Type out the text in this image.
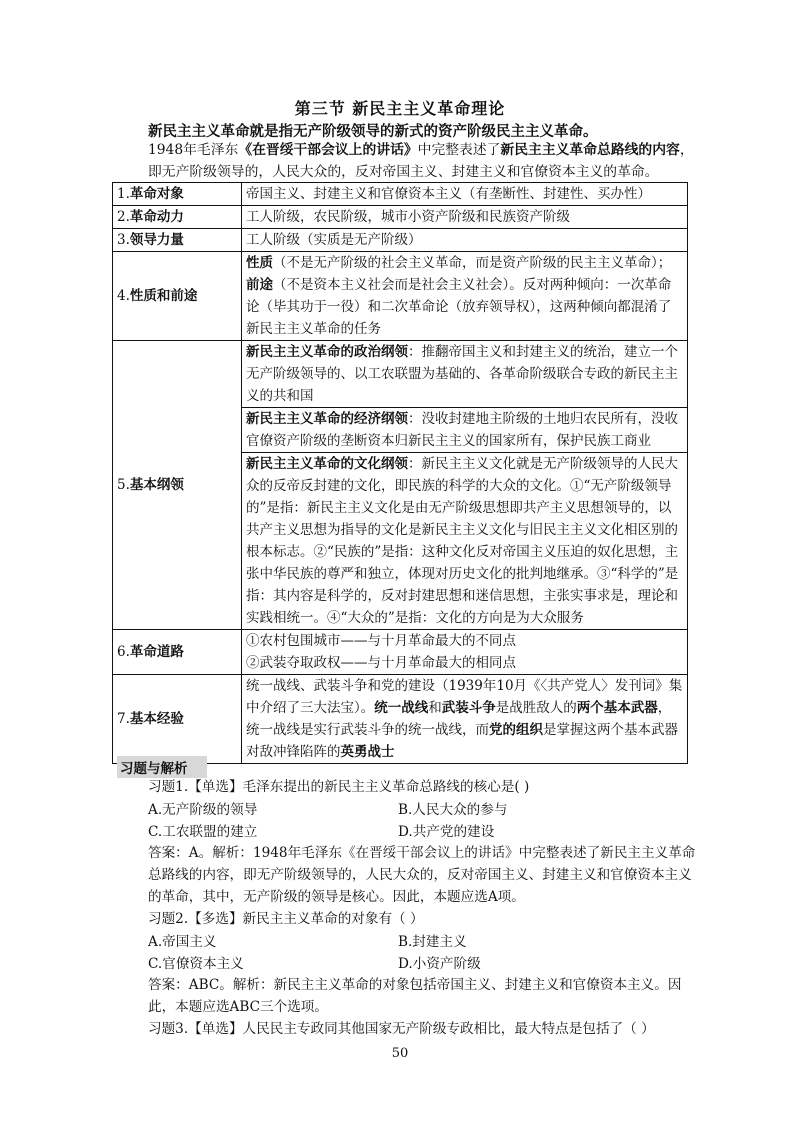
第三节 新民主主义革命理论
新民主主义革命就是指无产阶级领导的新式的资产阶级民主主义革命。
1948年毛泽东《在晋绥干部会议上的讲话》中完整表述了新民主主义革命总路线的内容，即无产阶级领导的，人民大众的，反对帝国主义、封建主义和官僚资本主义的革命。
1.革命对象	帝国主义、封建主义和官僚资本主义（有垄断性、封建性、买办性）
2.革命动力	工人阶级，农民阶级，城市小资产阶级和民族资产阶级
3.领导力量	工人阶级（实质是无产阶级）
4.性质和前途	性质（不是无产阶级的社会主义革命，而是资产阶级的民主主义革命）；
前途（不是资本主义社会而是社会主义社会）。反对两种倾向：一次革命论（毕其功于一役）和二次革命论（放弃领导权），这两种倾向都混淆了新民主主义革命的任务
5.基本纲领	新民主主义革命的政治纲领：推翻帝国主义和封建主义的统治，建立一个无产阶级领导的、以工农联盟为基础的、各革命阶级联合专政的新民主主义的共和国
	新民主主义革命的经济纲领：没收封建地主阶级的土地归农民所有，没收官僚资产阶级的垄断资本归新民主主义的国家所有，保护民族工商业
	新民主主义革命的文化纲领：新民主主义文化就是无产阶级领导的人民大众的反帝反封建的文化，即民族的科学的大众的文化。①“无产阶级领导的”是指：新民主主义文化是由无产阶级思想即共产主义思想领导的，以共产主义思想为指导的文化是新民主主义文化与旧民主主义文化相区别的根本标志。②“民族的”是指：这种文化反对帝国主义压迫的奴化思想，主张中华民族的尊严和独立，体现对历史文化的批判地继承。③“科学的”是指：其内容是科学的，反对封建思想和迷信思想，主张实事求是，理论和实践相统一。④“大众的”是指：文化的方向是为大众服务
6.革命道路	①农村包围城市——与十月革命最大的不同点
②武装夺取政权——与十月革命最大的相同点
7.基本经验	统一战线、武装斗争和党的建设（1939年10月《〈共产党人〉发刊词》集中介绍了三大法宝）。统一战线和武装斗争是战胜敌人的两个基本武器，统一战线是实行武装斗争的统一战线，而党的组织是掌握这两个基本武器对敌冲锋陷阵的英勇战士
习题与解析
习题1.【单选】毛泽东提出的新民主主义革命总路线的核心是( )
A.无产阶级的领导	B.人民大众的参与
C.工农联盟的建立	D.共产党的建设
答案：A。解析：1948年毛泽东《在晋绥干部会议上的讲话》中完整表述了新民主主义革命总路线的内容，即无产阶级领导的，人民大众的，反对帝国主义、封建主义和官僚资本主义的革命，其中，无产阶级的领导是核心。因此，本题应选A项。
习题2.【多选】新民主主义革命的对象有（ ）
A.帝国主义	B.封建主义
C.官僚资本主义	D.小资产阶级
答案：ABC。解析：新民主主义革命的对象包括帝国主义、封建主义和官僚资本主义。因此，本题应选ABC三个选项。
习题3.【单选】人民民主专政同其他国家无产阶级专政相比，最大特点是包括了（ ）
50
